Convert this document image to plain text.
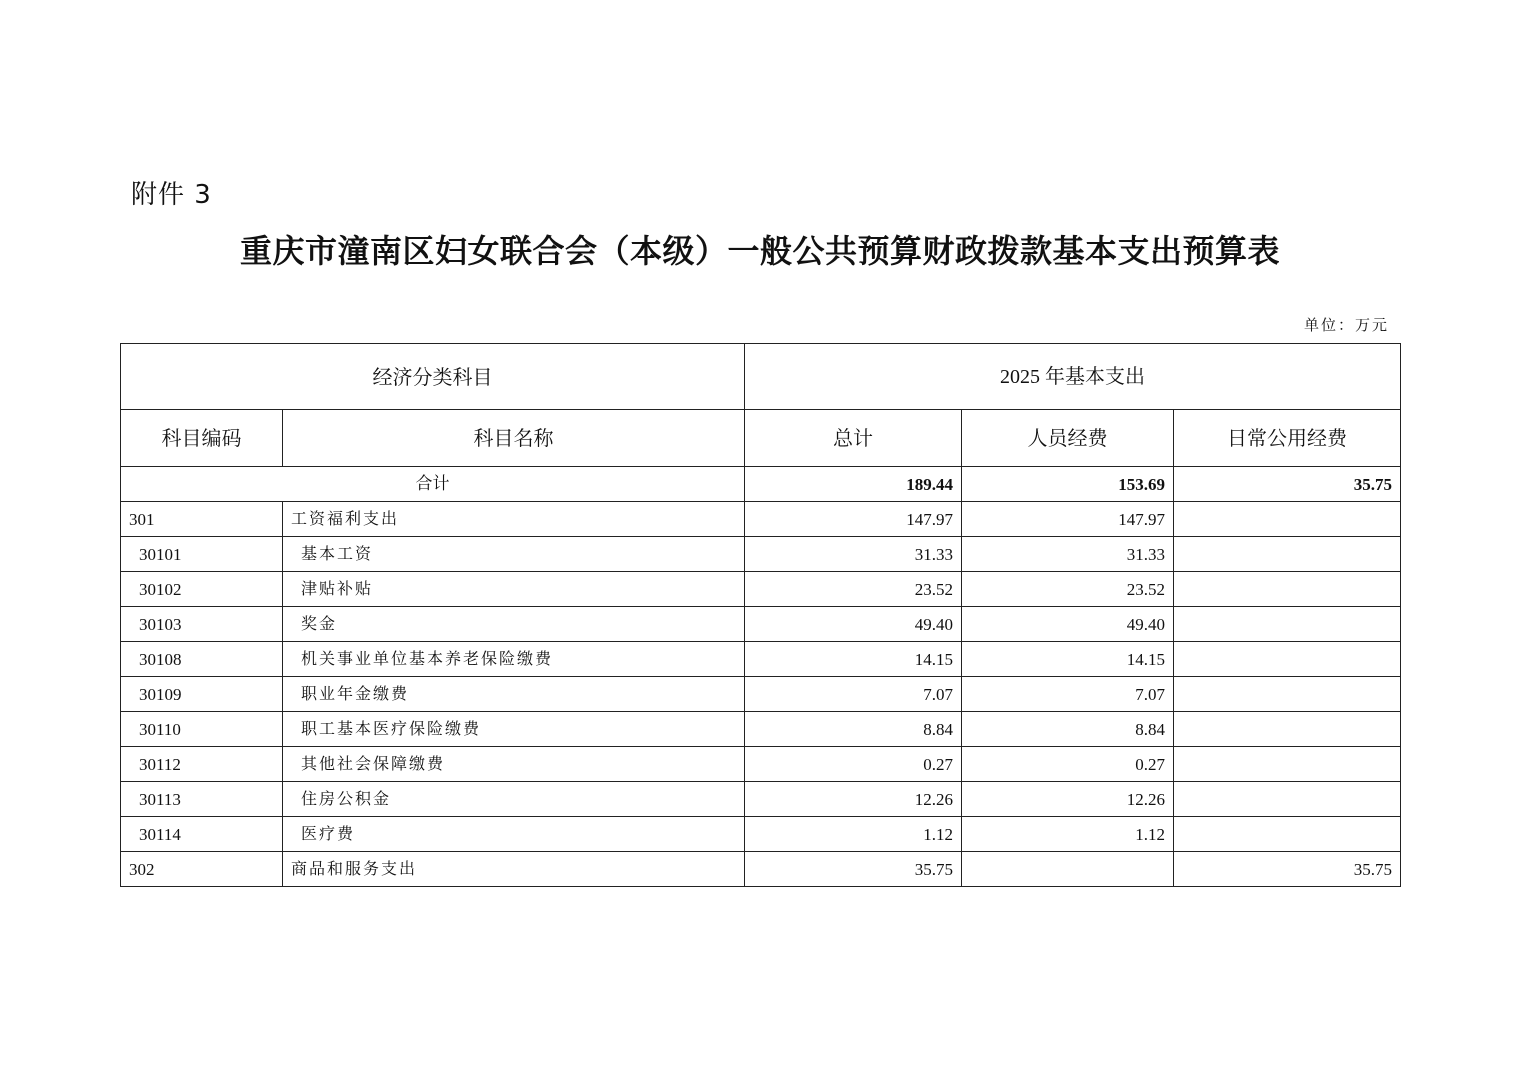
附件 3
重庆市潼南区妇女联合会（本级）一般公共预算财政拨款基本支出预算表
单位：万元
经济分类科目		2025 年基本支出		
科目编码	科目名称	总计	人员经费	日常公用经费
合计		189.44	153.69	35.75
301	工资福利支出	147.97	147.97	
30101	基本工资	31.33	31.33	
30102	津贴补贴	23.52	23.52	
30103	奖金	49.40	49.40	
30108	机关事业单位基本养老保险缴费	14.15	14.15	
30109	职业年金缴费	7.07	7.07	
30110	职工基本医疗保险缴费	8.84	8.84	
30112	其他社会保障缴费	0.27	0.27	
30113	住房公积金	12.26	12.26	
30114	医疗费	1.12	1.12	
302	商品和服务支出	35.75		35.75
